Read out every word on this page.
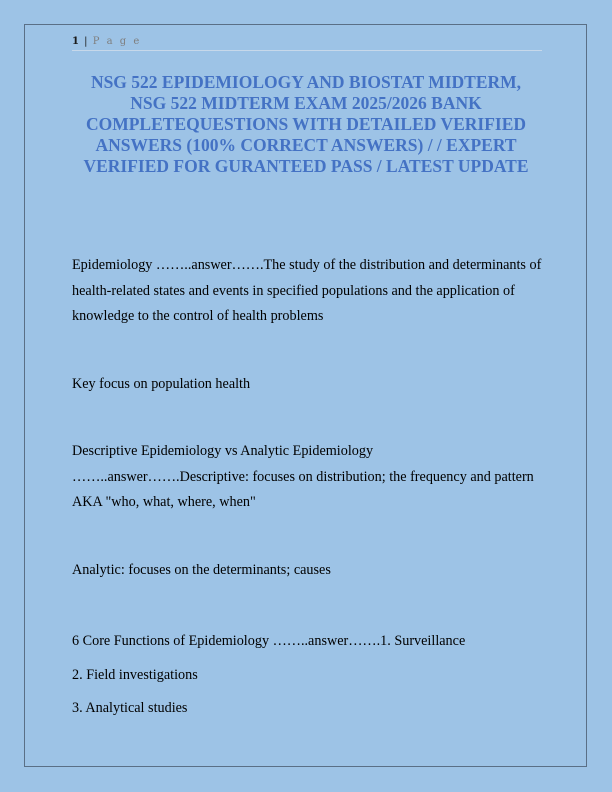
1 | P a g e
NSG 522 EPIDEMIOLOGY AND BIOSTAT MIDTERM, NSG 522 MIDTERM EXAM 2025/2026 BANK COMPLETEQUESTIONS WITH DETAILED VERIFIED ANSWERS (100% CORRECT ANSWERS) / / EXPERT VERIFIED FOR GURANTEED PASS / LATEST UPDATE

Epidemiology ……..answer…….The study of the distribution and determinants of health-related states and events in specified populations and the application of knowledge to the control of health problems

Key focus on population health

Descriptive Epidemiology vs Analytic Epidemiology ……..answer…….Descriptive: focuses on distribution; the frequency and pattern AKA "who, what, where, when"

Analytic: focuses on the determinants; causes

6 Core Functions of Epidemiology ……..answer…….1. Surveillance
2. Field investigations
3. Analytical studies
